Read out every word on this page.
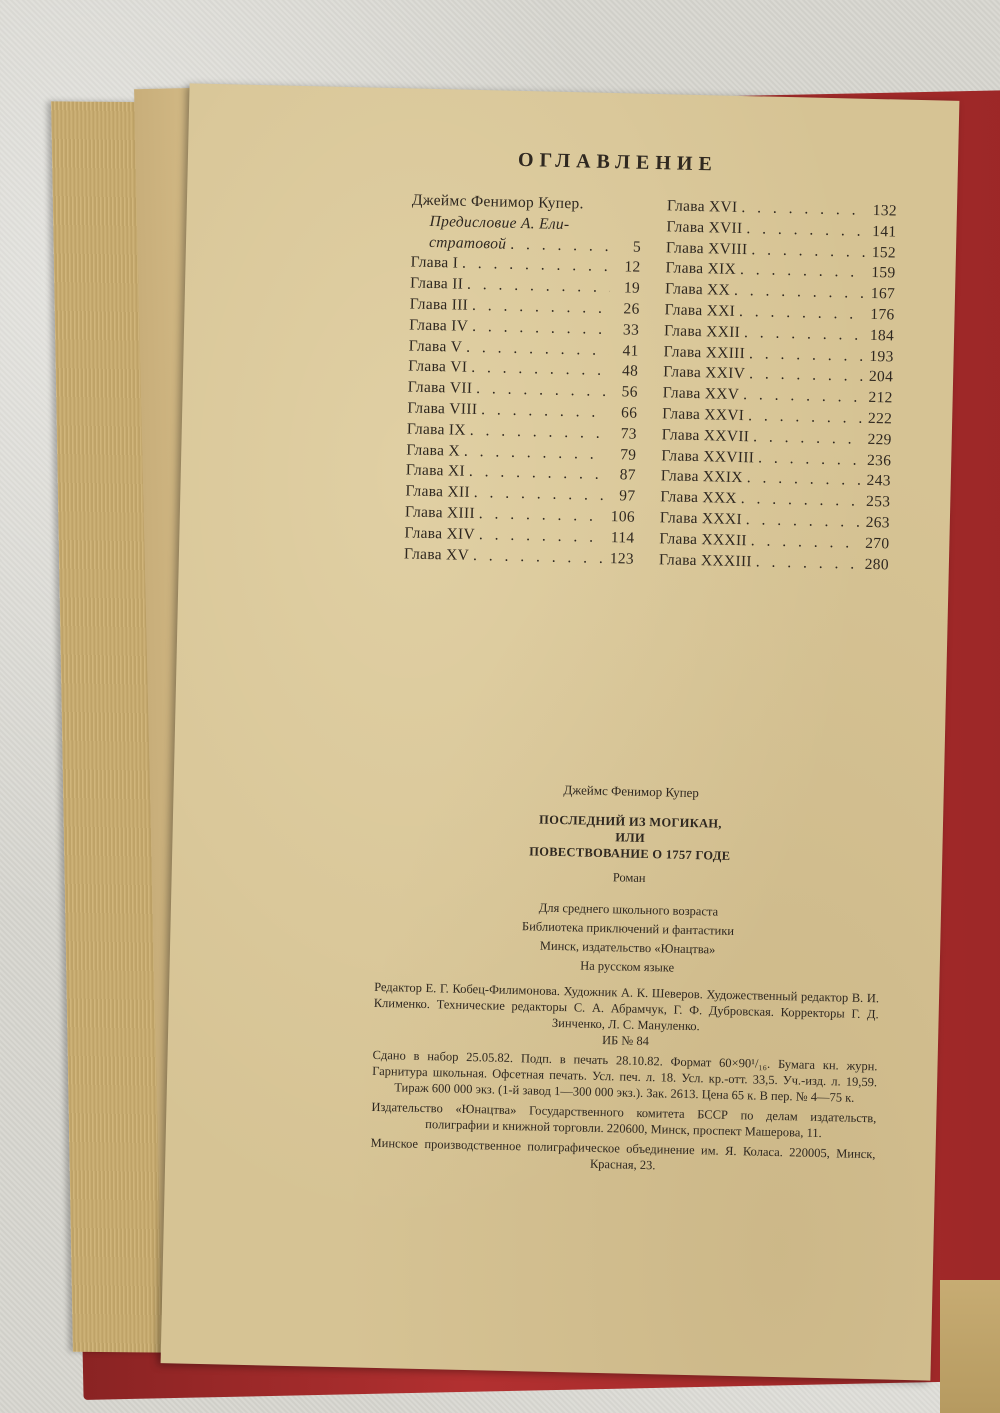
ОГЛАВЛЕНИЕ
Джеймс Фенимор Купер.
Предисловие А. Ели-
стратовой . . .	5
Глава I . . .	12
Глава II . . .	19
Глава III . . .	26
Глава IV . . .	33
Глава V . . .	41
Глава VI . . .	48
Глава VII . . .	56
Глава VIII . . .	66
Глава IX . . .	73
Глава X . . .	79
Глава XI . . .	87
Глава XII . . .	97
Глава XIII . . .	106
Глава XIV . . .	114
Глава XV . . .	123
Глава XVI . . .	132
Глава XVII . . .	141
Глава XVIII . . .	152
Глава XIX . . .	159
Глава XX . . .	167
Глава XXI . . .	176
Глава XXII . . .	184
Глава XXIII . . .	193
Глава XXIV . . .	204
Глава XXV . . .	212
Глава XXVI . . .	222
Глава XXVII . . .	229
Глава XXVIII . . .	236
Глава XXIX . . .	243
Глава XXX . . .	253
Глава XXXI . . .	263
Глава XXXII . . .	270
Глава XXXIII . . .	280
Джеймс Фенимор Купер
ПОСЛЕДНИЙ ИЗ МОГИКАН,
ИЛИ
ПОВЕСТВОВАНИЕ О 1757 ГОДЕ
Роман
Для среднего школьного возраста
Библиотека приключений и фантастики
Минск, издательство «Юнацтва»
На русском языке

Редактор Е. Г. Кобец-Филимонова. Художник А. К. Шеверов. Художественный редактор В. И. Клименко. Технические редакторы С. А. Абрамчук, Г. Ф. Дубровская. Корректоры Г. Д. Зинченко, Л. С. Мануленко.

ИБ № 84

Сдано в набор 25.05.82. Подп. в печать 28.10.82. Формат 60×90¹/₁₆. Бумага кн. журн. Гарнитура школьная. Офсетная печать. Усл. печ. л. 18. Усл. кр.-отт. 33,5. Уч.-изд. л. 19,59. Тираж 600 000 экз. (1-й завод 1—300 000 экз.). Зак. 2613. Цена 65 к. В пер. № 4—75 к.

Издательство «Юнацтва» Государственного комитета БССР по делам издательств, полиграфии и книжной торговли. 220600, Минск, проспект Машерова, 11.

Минское производственное полиграфическое объединение им. Я. Коласа. 220005, Минск, Красная, 23.
